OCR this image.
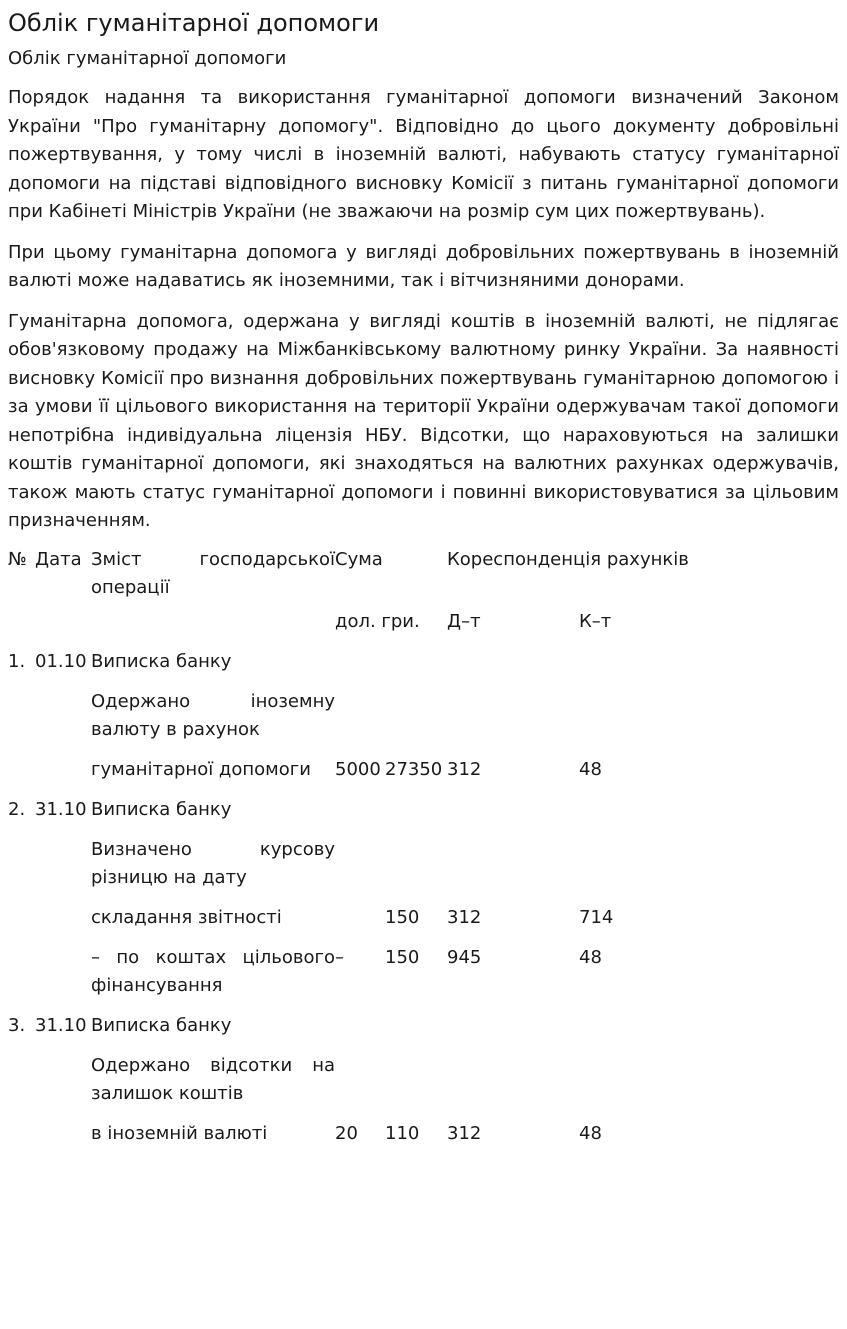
Облік гуманітарної допомоги
Облік гуманітарної допомоги

Порядок надання та використання гуманітарної допомоги визначений Законом України "Про гуманітарну допомогу". Відповідно до цього документу добровільні пожертвування, у тому числі в іноземній валюті, набувають статусу гуманітарної допомоги на підставі відповідного висновку Комісії з питань гуманітарної допомоги при Кабінеті Міністрів України (не зважаючи на розмір сум цих пожертвувань).

При цьому гуманітарна допомога у вигляді добровільних пожертвувань в іноземній валюті може надаватись як іноземними, так і вітчизняними донорами.

Гуманітарна допомога, одержана у вигляді коштів в іноземній валюті, не підлягає обов'язковому продажу на Міжбанківському валютному ринку України. За наявності висновку Комісії про визнання добровільних пожертвувань гуманітарною допомогою і за умови її цільового використання на території України одержувачам такої допомоги непотрібна індивідуальна ліцензія НБУ. Відсотки, що нараховуються на залишки коштів гуманітарної допомоги, які знаходяться на валютних рахунках одержувачів, також мають статус гуманітарної допомоги і повинні використовуватися за цільовим призначенням.

№	Дата	Зміст господарської операції	Сума		Кореспонденція рахунків	
			дол. гри.		Д–т	К–т
1.	01.10	Виписка банку				
		Одержано іноземну валюту в рахунок				
		гуманітарної допомоги	5000	27350	312	48
2.	31.10	Виписка банку				
		Визначено курсову різницю на дату				
		складання звітності		150	312	714
		– по коштах цільового фінансування	–	150	945	48
3.	31.10	Виписка банку				
		Одержано відсотки на залишок коштів				
		в іноземній валюті	20	110	312	48
